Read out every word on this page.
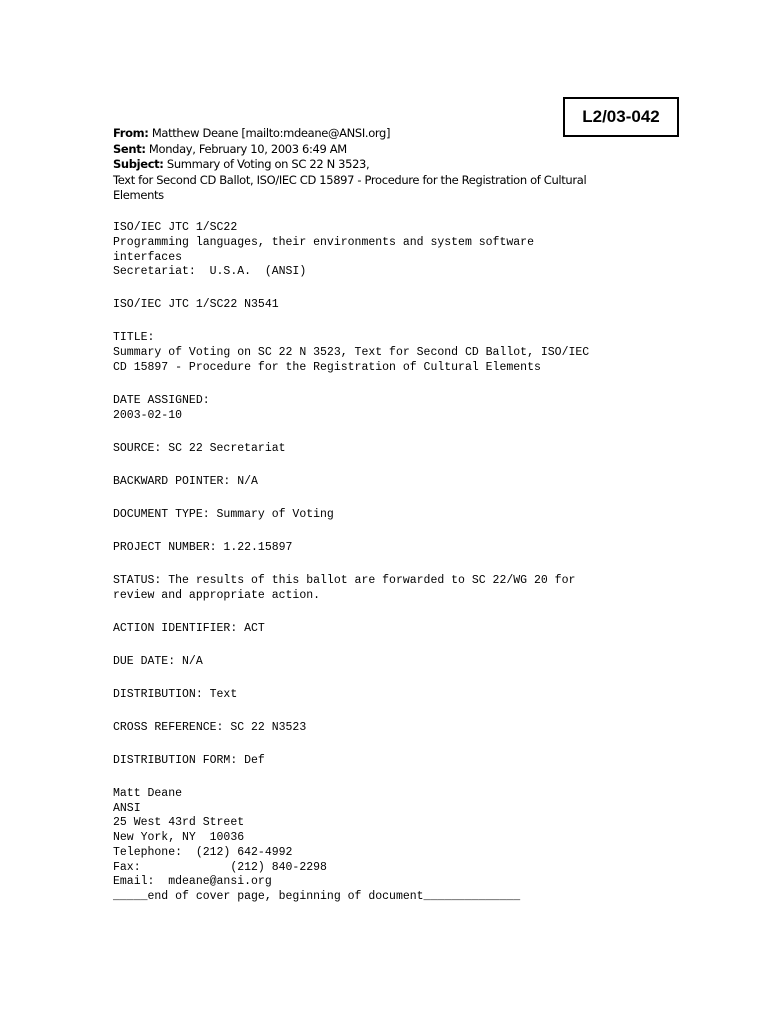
L2/03-042
From: Matthew Deane [mailto:mdeane@ANSI.org]
Sent: Monday, February 10, 2003 6:49 AM
Subject: Summary of Voting on SC 22 N 3523,
Text for Second CD Ballot, ISO/IEC CD 15897 - Procedure for the Registration of Cultural
Elements
ISO/IEC JTC 1/SC22
Programming languages, their environments and system software
interfaces
Secretariat:  U.S.A.  (ANSI)
ISO/IEC JTC 1/SC22 N3541
TITLE:
Summary of Voting on SC 22 N 3523, Text for Second CD Ballot, ISO/IEC
CD 15897 - Procedure for the Registration of Cultural Elements
DATE ASSIGNED:
2003-02-10
SOURCE: SC 22 Secretariat
BACKWARD POINTER: N/A
DOCUMENT TYPE: Summary of Voting
PROJECT NUMBER: 1.22.15897
STATUS: The results of this ballot are forwarded to SC 22/WG 20 for
review and appropriate action.
ACTION IDENTIFIER: ACT
DUE DATE: N/A
DISTRIBUTION: Text
CROSS REFERENCE: SC 22 N3523
DISTRIBUTION FORM: Def
Matt Deane
ANSI
25 West 43rd Street
New York, NY  10036
Telephone:  (212) 642-4992
Fax:             (212) 840-2298
Email:  mdeane@ansi.org
_____end of cover page, beginning of document______________
